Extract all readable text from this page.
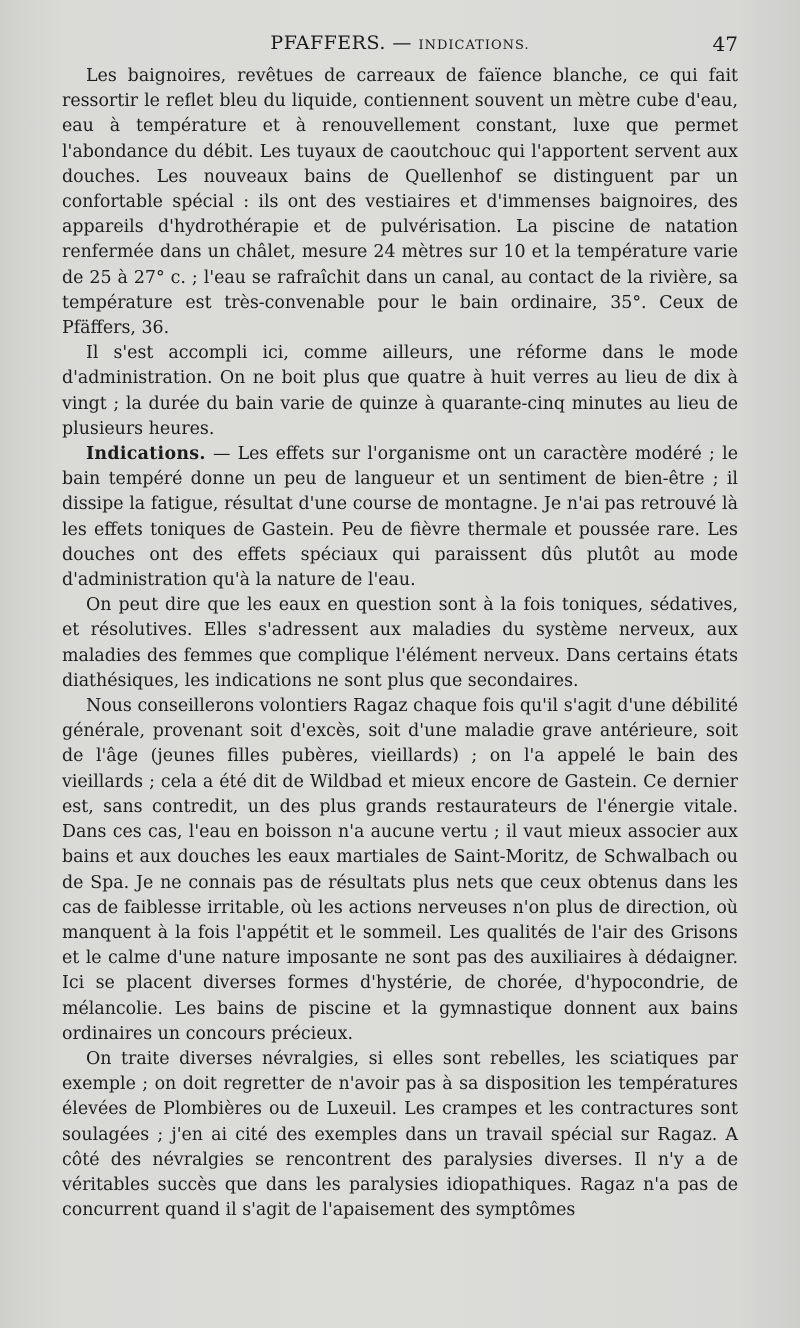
PFAFFERS. — INDICATIONS.	47

Les baignoires, revêtues de carreaux de faïence blanche, ce qui fait ressortir le reflet bleu du liquide, contiennent souvent un mètre cube d'eau, eau à température et à renouvellement constant, luxe que permet l'abondance du débit. Les tuyaux de caoutchouc qui l'apportent servent aux douches. Les nouveaux bains de Quellenhof se distinguent par un confortable spécial : ils ont des vestiaires et d'immenses baignoires, des appareils d'hydrothérapie et de pulvérisation. La piscine de natation renfermée dans un châlet, mesure 24 mètres sur 10 et la température varie de 25 à 27° c. ; l'eau se rafraîchit dans un canal, au contact de la rivière, sa température est très-convenable pour le bain ordinaire, 35°. Ceux de Pfäffers, 36.

Il s'est accompli ici, comme ailleurs, une réforme dans le mode d'administration. On ne boit plus que quatre à huit verres au lieu de dix à vingt ; la durée du bain varie de quinze à quarante-cinq minutes au lieu de plusieurs heures.

Indications. — Les effets sur l'organisme ont un caractère modéré ; le bain tempéré donne un peu de langueur et un sentiment de bien-être ; il dissipe la fatigue, résultat d'une course de montagne. Je n'ai pas retrouvé là les effets toniques de Gastein. Peu de fièvre thermale et poussée rare. Les douches ont des effets spéciaux qui paraissent dûs plutôt au mode d'administration qu'à la nature de l'eau.

On peut dire que les eaux en question sont à la fois toniques, sédatives, et résolutives. Elles s'adressent aux maladies du système nerveux, aux maladies des femmes que complique l'élément nerveux. Dans certains états diathésiques, les indications ne sont plus que secondaires.

Nous conseillerons volontiers Ragaz chaque fois qu'il s'agit d'une débilité générale, provenant soit d'excès, soit d'une maladie grave antérieure, soit de l'âge (jeunes filles pubères, vieillards) ; on l'a appelé le bain des vieillards ; cela a été dit de Wildbad et mieux encore de Gastein. Ce dernier est, sans contredit, un des plus grands restaurateurs de l'énergie vitale. Dans ces cas, l'eau en boisson n'a aucune vertu ; il vaut mieux associer aux bains et aux douches les eaux martiales de Saint-Moritz, de Schwalbach ou de Spa. Je ne connais pas de résultats plus nets que ceux obtenus dans les cas de faiblesse irritable, où les actions nerveuses n'on plus de direction, où manquent à la fois l'appétit et le sommeil. Les qualités de l'air des Grisons et le calme d'une nature imposante ne sont pas des auxiliaires à dédaigner. Ici se placent diverses formes d'hystérie, de chorée, d'hypocondrie, de mélancolie. Les bains de piscine et la gymnastique donnent aux bains ordinaires un concours précieux.

On traite diverses névralgies, si elles sont rebelles, les sciatiques par exemple ; on doit regretter de n'avoir pas à sa disposition les températures élevées de Plombières ou de Luxeuil. Les crampes et les contractures sont soulagées ; j'en ai cité des exemples dans un travail spécial sur Ragaz. A côté des névralgies se rencontrent des paralysies diverses. Il n'y a de véritables succès que dans les paralysies idiopathiques. Ragaz n'a pas de concurrent quand il s'agit de l'apaisement des symptômes
